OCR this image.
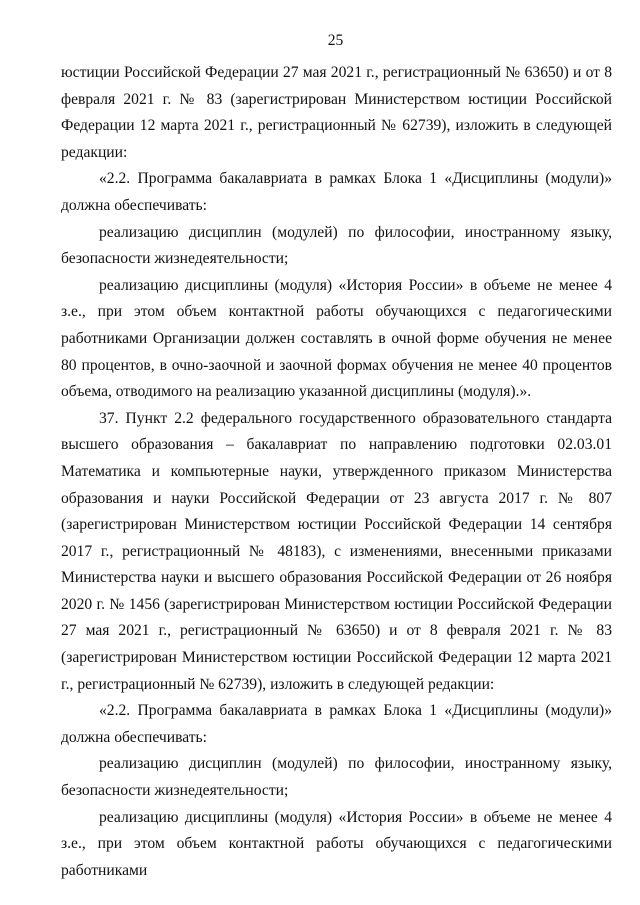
25

юстиции Российской Федерации 27 мая 2021 г., регистрационный № 63650) и от 8 февраля 2021 г. № 83 (зарегистрирован Министерством юстиции Российской Федерации 12 марта 2021 г., регистрационный № 62739), изложить в следующей редакции:

«2.2. Программа бакалавриата в рамках Блока 1 «Дисциплины (модули)» должна обеспечивать:

реализацию дисциплин (модулей) по философии, иностранному языку, безопасности жизнедеятельности;

реализацию дисциплины (модуля) «История России» в объеме не менее 4 з.е., при этом объем контактной работы обучающихся с педагогическими работниками Организации должен составлять в очной форме обучения не менее 80 процентов, в очно-заочной и заочной формах обучения не менее 40 процентов объема, отводимого на реализацию указанной дисциплины (модуля).».

37. Пункт 2.2 федерального государственного образовательного стандарта высшего образования – бакалавриат по направлению подготовки 02.03.01 Математика и компьютерные науки, утвержденного приказом Министерства образования и науки Российской Федерации от 23 августа 2017 г. № 807 (зарегистрирован Министерством юстиции Российской Федерации 14 сентября 2017 г., регистрационный № 48183), с изменениями, внесенными приказами Министерства науки и высшего образования Российской Федерации от 26 ноября 2020 г. № 1456 (зарегистрирован Министерством юстиции Российской Федерации 27 мая 2021 г., регистрационный № 63650) и от 8 февраля 2021 г. № 83 (зарегистрирован Министерством юстиции Российской Федерации 12 марта 2021 г., регистрационный № 62739), изложить в следующей редакции:

«2.2. Программа бакалавриата в рамках Блока 1 «Дисциплины (модули)» должна обеспечивать:

реализацию дисциплин (модулей) по философии, иностранному языку, безопасности жизнедеятельности;

реализацию дисциплины (модуля) «История России» в объеме не менее 4 з.е., при этом объем контактной работы обучающихся с педагогическими работниками
